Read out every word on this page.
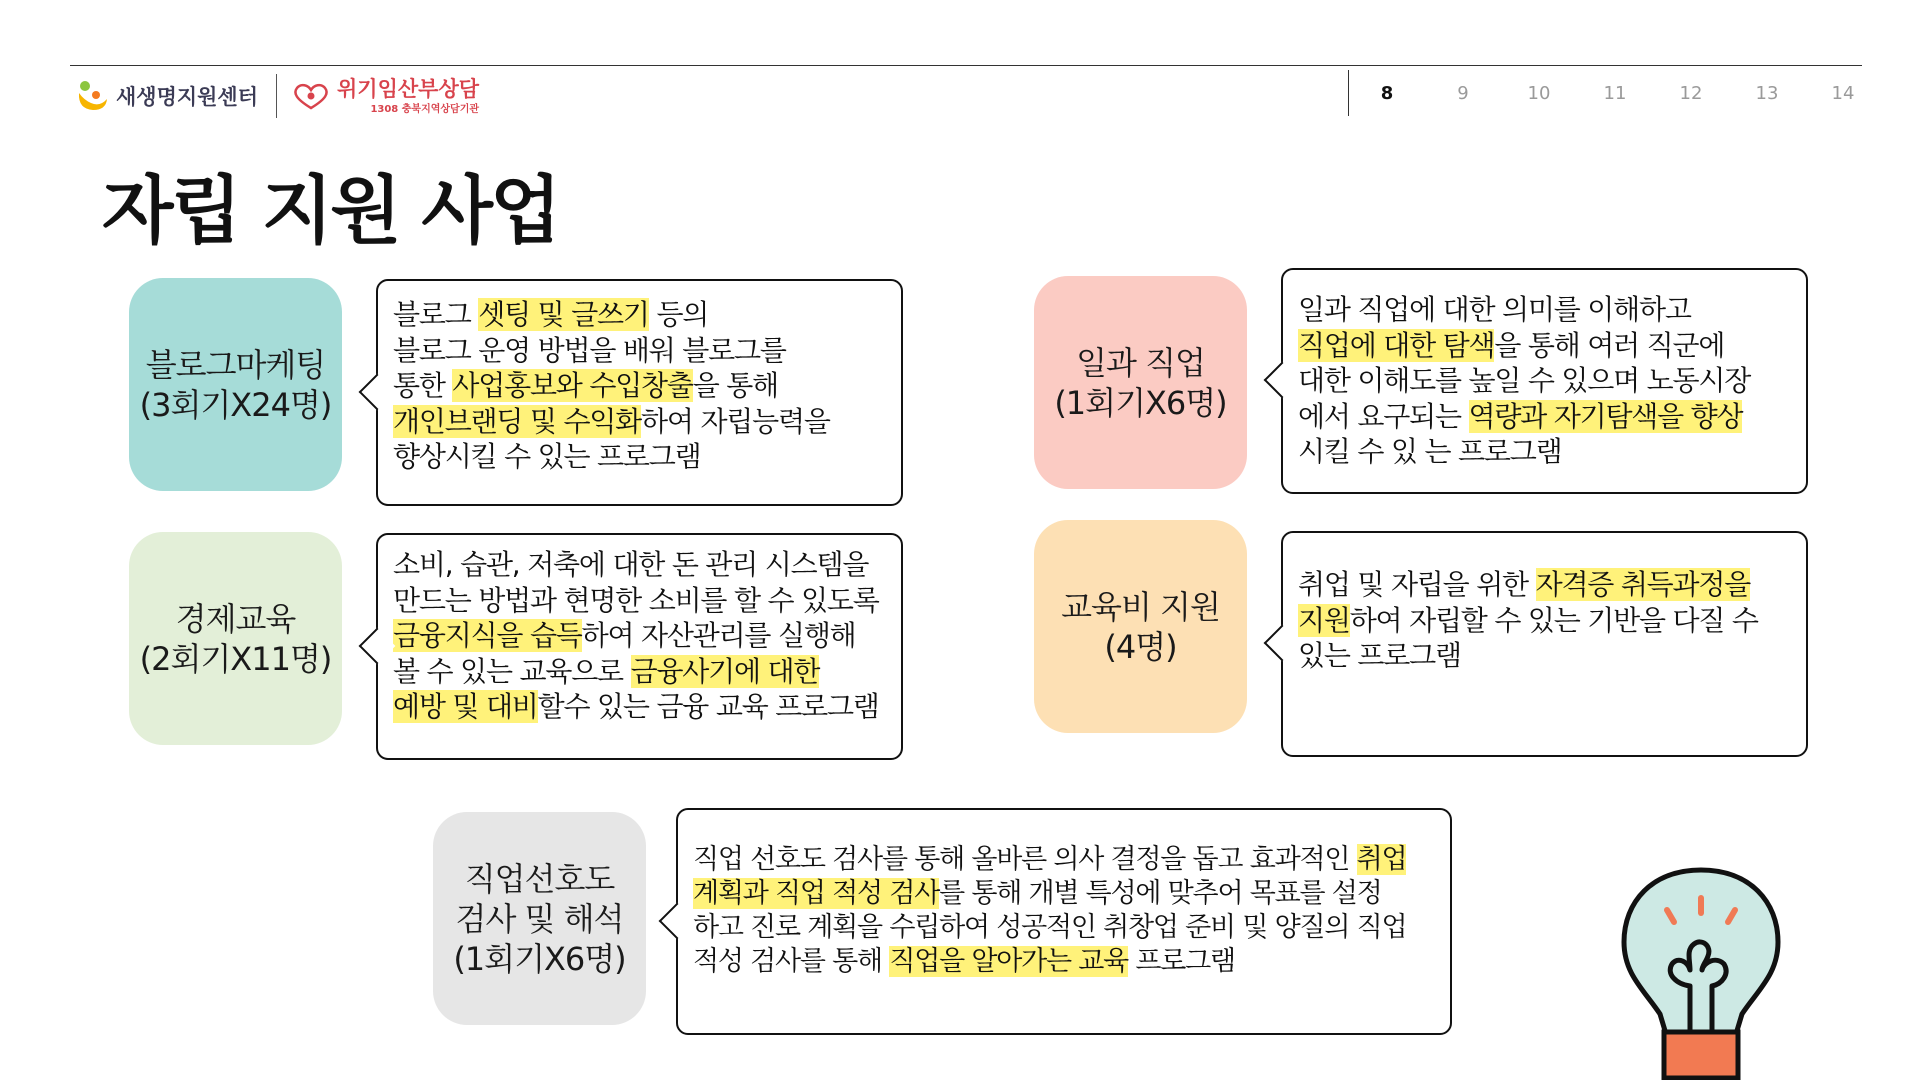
새생명지원센터	위기임산부상담
1308 충북지역상담기관
8	9	10	11	12	13	14
자립 지원 사업
블로그마케팅
(3회기X24명)
블로그 셋팅 및 글쓰기 등의
블로그 운영 방법을 배워 블로그를
통한 사업홍보와 수입창출을 통해
개인브랜딩 및 수익화하여 자립능력을
향상시킬 수 있는 프로그램
경제교육
(2회기X11명)
소비, 습관, 저축에 대한 돈 관리 시스템을
만드는 방법과 현명한 소비를 할 수 있도록
금융지식을 습득하여 자산관리를 실행해
볼 수 있는 교육으로 금융사기에 대한
예방 및 대비할수 있는 금융 교육 프로그램
일과 직업
(1회기X6명)
일과 직업에 대한 의미를 이해하고
직업에 대한 탐색을 통해 여러 직군에
대한 이해도를 높일 수 있으며 노동시장
에서 요구되는 역량과 자기탐색을 향상
시킬 수 있 는 프로그램
교육비 지원
(4명)
취업 및 자립을 위한 자격증 취득과정을
지원하여 자립할 수 있는 기반을 다질 수
있는 프로그램
직업선호도
검사 및 해석
(1회기X6명)
직업 선호도 검사를 통해 올바른 의사 결정을 돕고 효과적인 취업
계획과 직업 적성 검사를 통해 개별 특성에 맞추어 목표를 설정
하고 진로 계획을 수립하여 성공적인 취창업 준비 및 양질의 직업
적성 검사를 통해 직업을 알아가는 교육 프로그램
